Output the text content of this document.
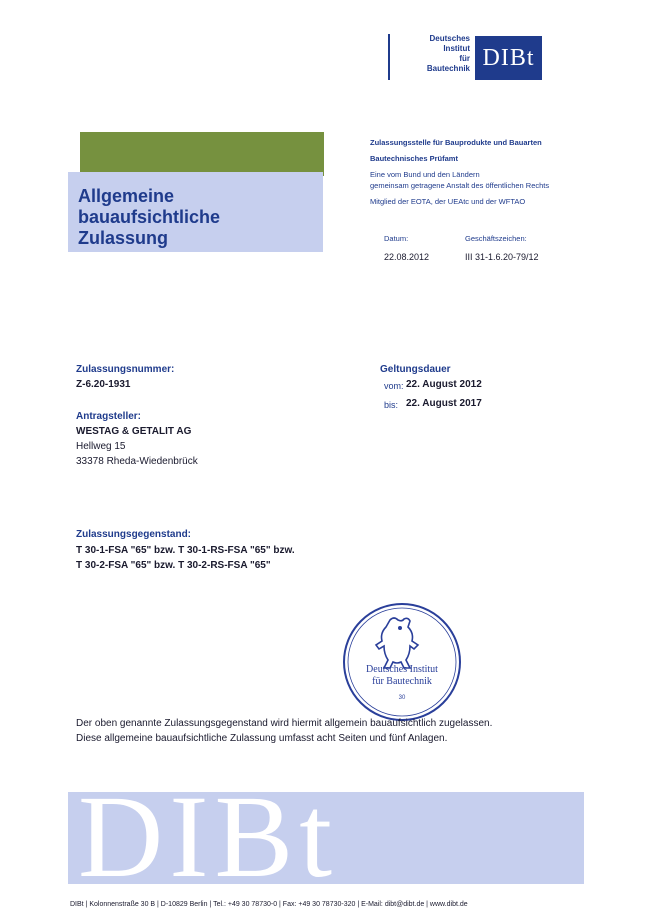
Deutsches
Institut
für
Bautechnik DIBt
Zulassungsstelle für Bauprodukte und Bauarten
Bautechnisches Prüfamt
Eine vom Bund und den Ländern
gemeinsam getragene Anstalt des öffentlichen Rechts
Mitglied der EOTA, der UEAtc und der WFTAO
Datum:
22.08.2012
Geschäftszeichen:
III 31-1.6.20-79/12
Allgemeine
bauaufsichtliche
Zulassung
Zulassungsnummer:
Z-6.20-1931
Geltungsdauer
vom: 22. August 2012
bis: 22. August 2017
Antragsteller:
WESTAG & GETALIT AG
Hellweg 15
33378 Rheda-Wiedenbrück
Zulassungsgegenstand:
T 30-1-FSA "65" bzw. T 30-1-RS-FSA "65" bzw.
T 30-2-FSA "65" bzw. T 30-2-RS-FSA "65"
Deutsches Institut
für Bautechnik
30
Der oben genannte Zulassungsgegenstand wird hiermit allgemein bauaufsichtlich zugelassen.
Diese allgemeine bauaufsichtliche Zulassung umfasst acht Seiten und fünf Anlagen.
DIBt
DIBt | Kolonnenstraße 30 B | D-10829 Berlin | Tel.: +49 30 78730-0 | Fax: +49 30 78730-320 | E-Mail: dibt@dibt.de | www.dibt.de
